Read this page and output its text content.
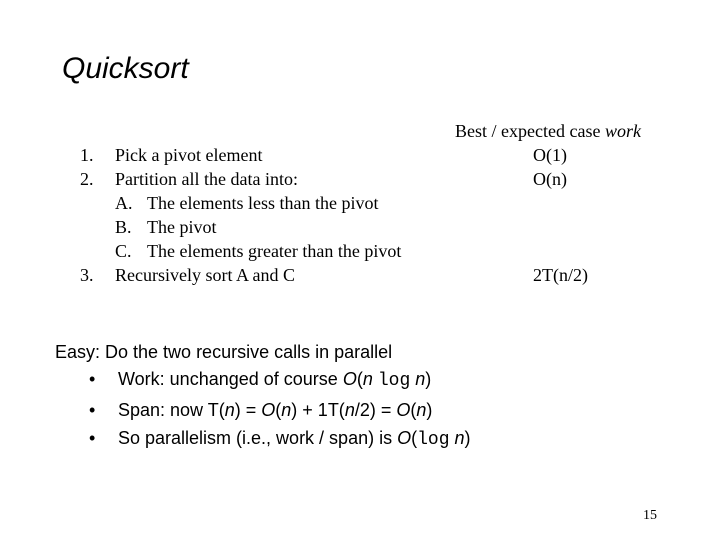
Quicksort
Best / expected case work
1. Pick a pivot element	O(1)
2. Partition all the data into:	O(n)
A. The elements less than the pivot
B. The pivot
C. The elements greater than the pivot
3. Recursively sort A and C	2T(n/2)
Easy: Do the two recursive calls in parallel
• Work: unchanged of course O(n log n)
• Span: now T(n) = O(n) + 1T(n/2) = O(n)
• So parallelism (i.e., work / span) is O(log n)
15
